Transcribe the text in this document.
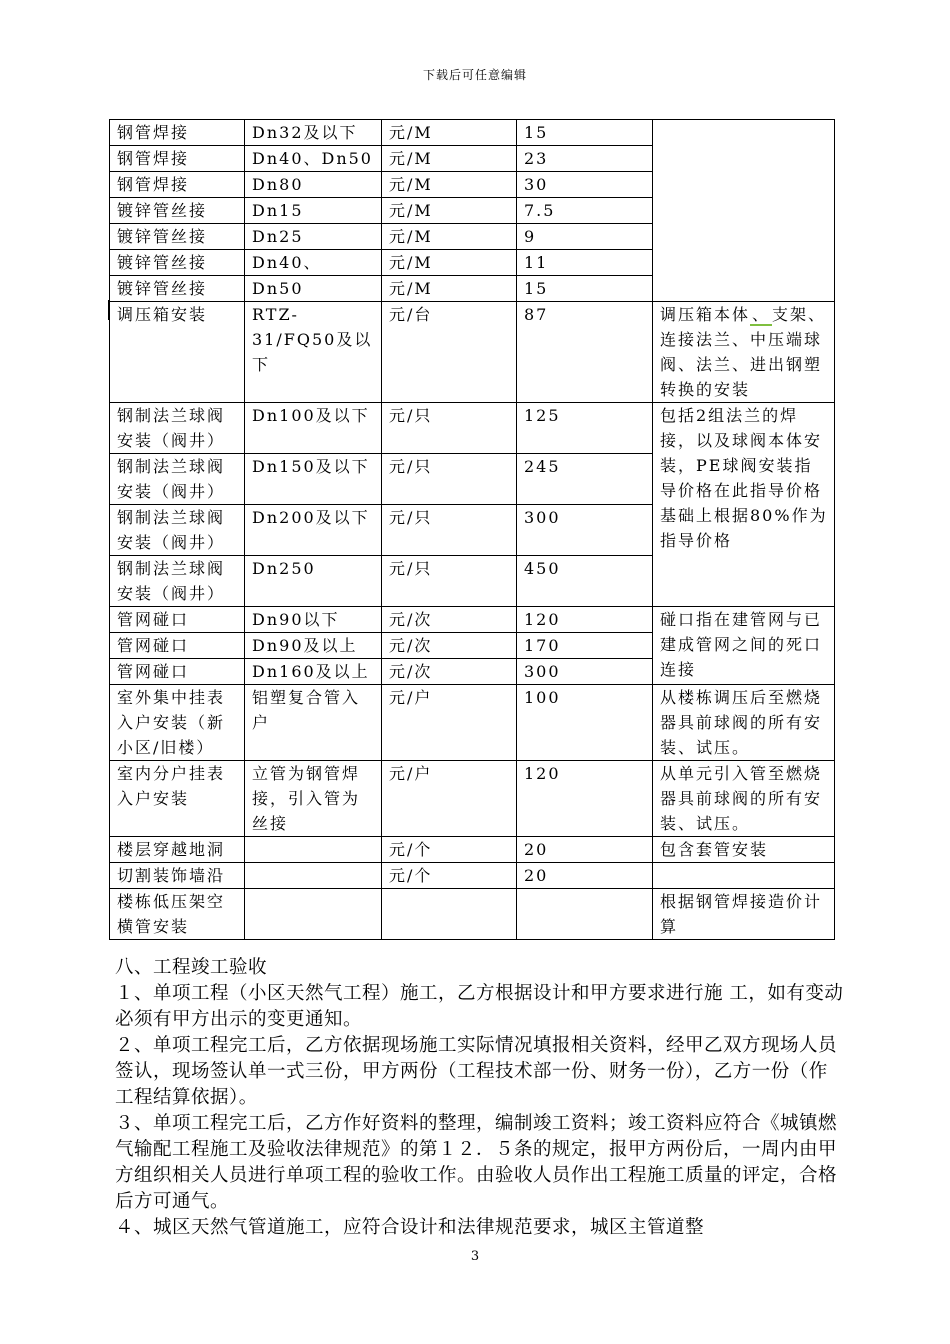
下载后可任意编辑
钢管焊接	Dn32及以下	元/M	15	
钢管焊接	Dn40、Dn50	元/M	23	
钢管焊接	Dn80	元/M	30	
镀锌管丝接	Dn15	元/M	7.5	
镀锌管丝接	Dn25	元/M	9	
镀锌管丝接	Dn40、	元/M	11	
镀锌管丝接	Dn50	元/M	15	
调压箱安装	RTZ-31/FQ50及以下	元/台	87	调压箱本体 、 支架、连接法兰、中压端球阀、法兰、进出钢塑转换的安装
钢制法兰球阀安装（阀井）	Dn100及以下	元/只	125	包括2组法兰的焊接，以及球阀本体安装，PE球阀安装指导价格在此指导价格基础上根据80%作为指导价格
钢制法兰球阀安装（阀井）	Dn150及以下	元/只	245	
钢制法兰球阀安装（阀井）	Dn200及以下	元/只	300	
钢制法兰球阀安装（阀井）	Dn250	元/只	450	
管网碰口	Dn90以下	元/次	120	碰口指在建管网与已建成管网之间的死口连接
管网碰口	Dn90及以上	元/次	170	
管网碰口	Dn160及以上	元/次	300	
室外集中挂表入户安装（新小区/旧楼）	铝塑复合管入户	元/户	100	从楼栋调压后至燃烧器具前球阀的所有安装、试压。
室内分户挂表入户安装	立管为钢管焊接，引入管为丝接	元/户	120	从单元引入管至燃烧器具前球阀的所有安装、试压。
楼层穿越地洞		元/个	20	包含套管安装
切割装饰墙沿		元/个	20	
楼栋低压架空横管安装				根据钢管焊接造价计算

八、工程竣工验收

１、单项工程（小区天然气工程）施工，乙方根据设计和甲方要求进行施 工，如有变动必须有甲方出示的变更通知。

２、单项工程完工后，乙方依据现场施工实际情况填报相关资料，经甲乙双方现场人员签认，现场签认单一式三份，甲方两份（工程技术部一份、财务一份），乙方一份（作工程结算依据）。

３、单项工程完工后，乙方作好资料的整理，编制竣工资料；竣工资料应符合《城镇燃气输配工程施工及验收法律规范》的第１２．５条的规定，报甲方两份后，一周内由甲方组织相关人员进行单项工程的验收工作。由验收人员作出工程施工质量的评定，合格后方可通气。

４、城区天然气管道施工，应符合设计和法律规范要求，城区主管道整

3
